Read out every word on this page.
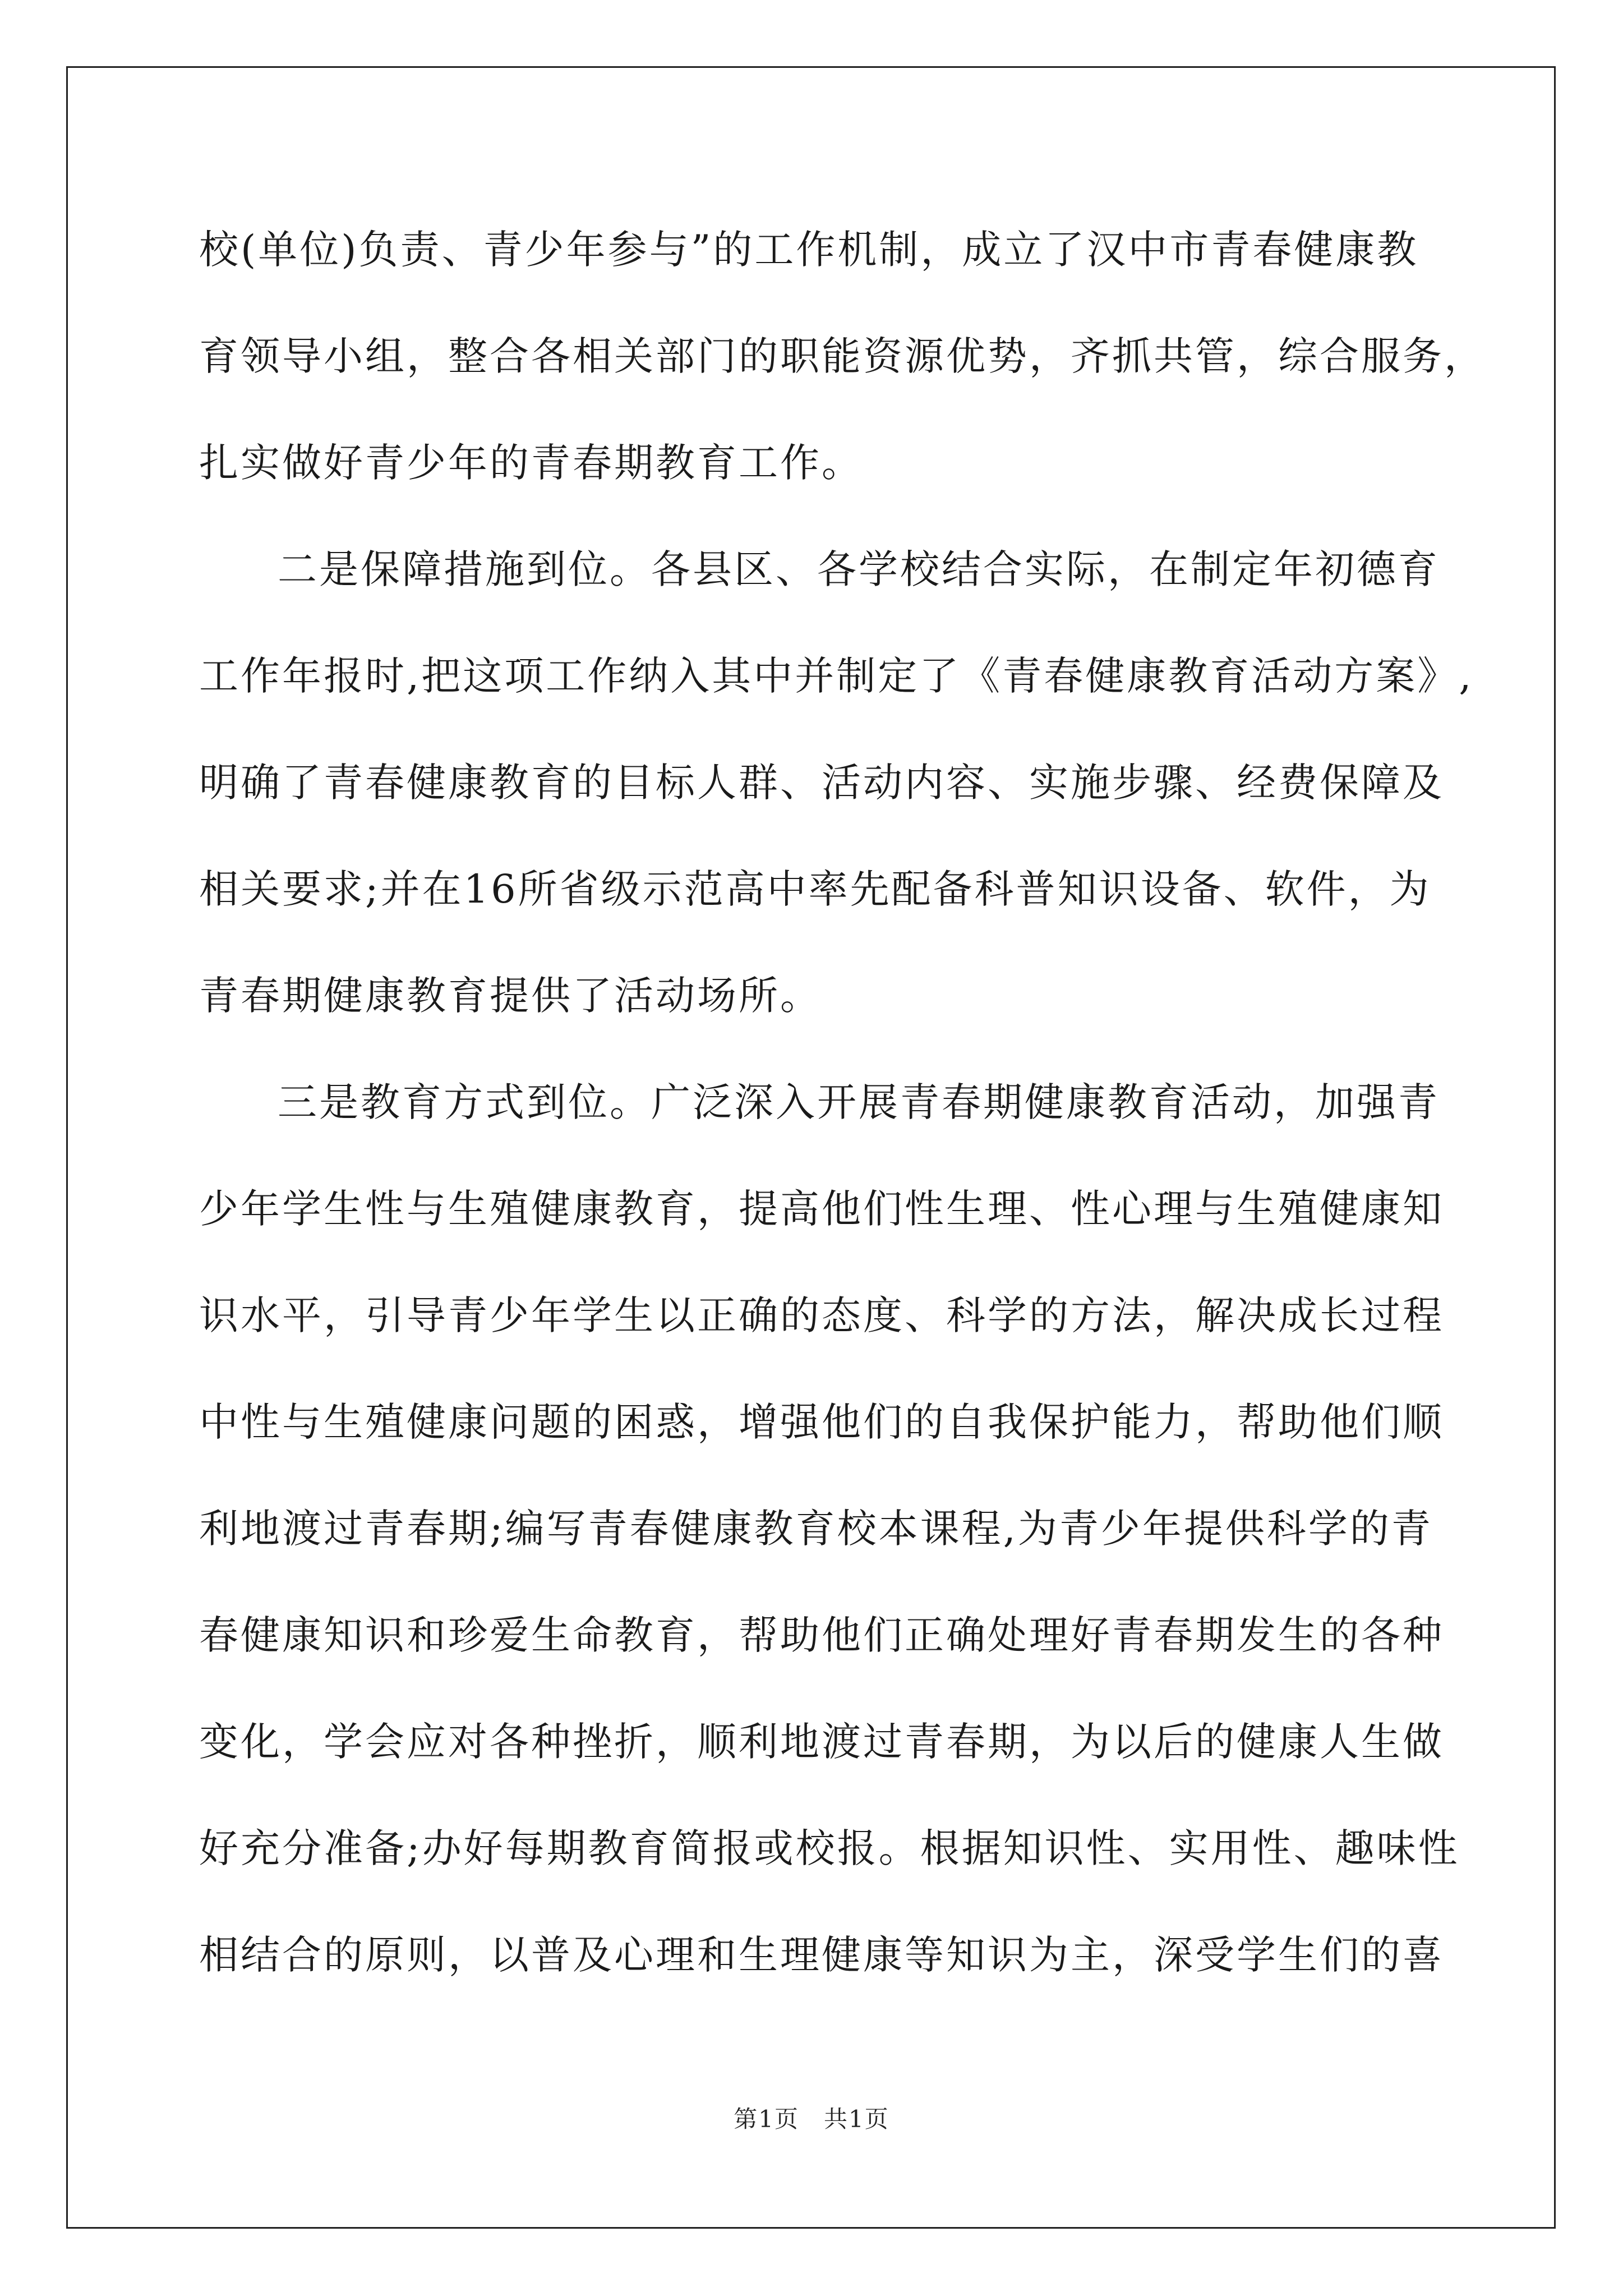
校(单位)负责、青少年参与”的工作机制，成立了汉中市青春健康教
育领导小组，整合各相关部门的职能资源优势，齐抓共管，综合服务，
扎实做好青少年的青春期教育工作。
二是保障措施到位。各县区、各学校结合实际，在制定年初德育
工作年报时,把这项工作纳入其中并制定了《青春健康教育活动方案》,
明确了青春健康教育的目标人群、活动内容、实施步骤、经费保障及
相关要求;并在16所省级示范高中率先配备科普知识设备、软件，为
青春期健康教育提供了活动场所。
三是教育方式到位。广泛深入开展青春期健康教育活动，加强青
少年学生性与生殖健康教育，提高他们性生理、性心理与生殖健康知
识水平，引导青少年学生以正确的态度、科学的方法，解决成长过程
中性与生殖健康问题的困惑，增强他们的自我保护能力，帮助他们顺
利地渡过青春期;编写青春健康教育校本课程,为青少年提供科学的青
春健康知识和珍爱生命教育，帮助他们正确处理好青春期发生的各种
变化，学会应对各种挫折，顺利地渡过青春期，为以后的健康人生做
好充分准备;办好每期教育简报或校报。根据知识性、实用性、趣味性
相结合的原则，以普及心理和生理健康等知识为主，深受学生们的喜
第1页　共1页
